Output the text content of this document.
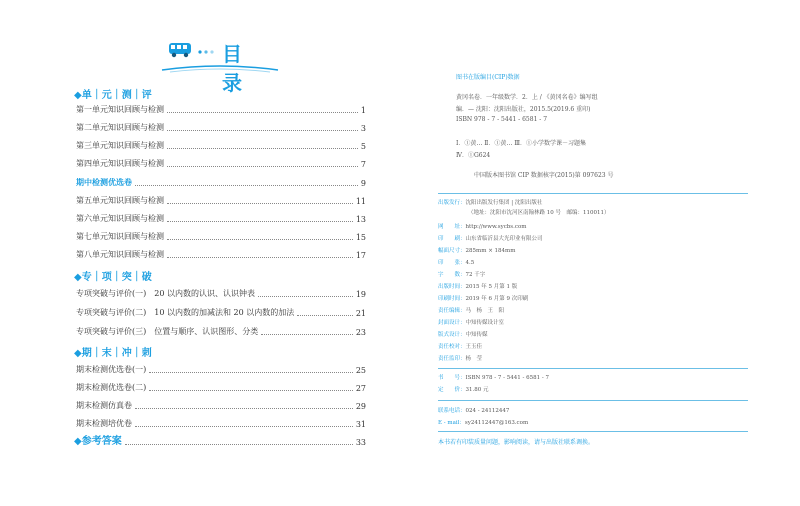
目 录
◆单｜元｜测｜评
第一单元知识回顾与检测	1
第二单元知识回顾与检测	3
第三单元知识回顾与检测	5
第四单元知识回顾与检测	7
期中检测优选卷	9
第五单元知识回顾与检测	11
第六单元知识回顾与检测	13
第七单元知识回顾与检测	15
第八单元知识回顾与检测	17
◆专｜项｜突｜破
专项突破与评价(一)　20 以内数的认识、认识钟表	19
专项突破与评价(二)　10 以内数的加减法和 20 以内数的加法	21
专项突破与评价(三)　位置与顺序、认识图形、分类	23
◆期｜末｜冲｜刺
期末检测优选卷(一)	25
期末检测优选卷(二)	27
期末检测仿真卷	29
期末检测培优卷	31
◆参考答案	33
图书在版编目(CIP)数据
黄冈名卷．一年级数学．2．上 / 《黄冈名卷》编写组
编．— 沈阳：沈阳出版社，2015.5(2019.6 重印)
ISBN 978 - 7 - 5441 - 6581 - 7
Ⅰ．①黄… Ⅱ．①黄… Ⅲ．①小学数学课－习题集
Ⅳ．①G624
中国版本图书馆 CIP 数据核字(2015)第 097623 号
出版发行：沈阳出版发行集团 | 沈阳出版社
（地址：沈阳市沈河区南翰林路 10 号　邮编：110011）
网　　址：http://www.sycbs.com
印　　刷：山东省临沂县大光印业有限公司
幅面尺寸：285mm × 184mm
印　　张：4.5
字　　数：72 千字
出版时间：2015 年 5 月第 1 版
印刷时间：2019 年 6 月第 9 次印刷
责任编辑：马　杨　王　阳
封面设计：中知传媒设计室
版式设计：中知传媒
责任校对：王玉佳
责任监印：杨　莹
书　　号：ISBN 978 - 7 - 5441 - 6581 - 7
定　　价：31.80 元
联系电话：024 - 24112447
E - mail：sy24112447@163.com
本书若有印装质量问题，影响阅读，请与出版社联系调换。
